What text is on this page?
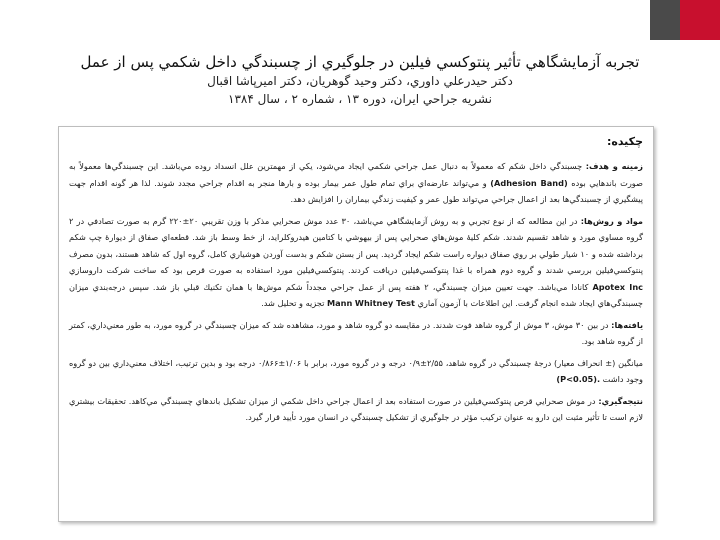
تجربه آزمايشگاهي تأثير پنتوكسي فيلين در جلوگيري از چسبندگي داخل شكمي پس از عمل

دكتر حيدرعلي داوري، دكتر وحيد گوهريان، دكتر اميرپاشا اقبال

نشريه جراحي ايران، دوره ۱۳ ، شماره ۲ ، سال ۱۳۸۴

چكيده:

زمينه و هدف: چسبندگي داخل شكم كه معمولاً به دنبال عمل جراحي شكمي ايجاد مي‌شود، يكي از مهمترين علل انسداد روده مي‌باشد. اين چسبندگي‌ها معمولاً به صورت باندهايي بوده (Adhesion Band) و مي‌تواند عارضه‌اي براي تمام طول عمر بيمار بوده و بارها منجر به اقدام جراحي مجدد شوند. لذا هر گونه اقدام جهت پيشگيري از چسبندگي‌ها بعد از اعمال جراحي مي‌تواند طول عمر و كيفيت زندگي بيماران را افزايش دهد.

مواد و روش‌ها: در اين مطالعه كه از نوع تجربي و به روش آزمايشگاهي مي‌باشد، ۳۰ عدد موش صحرايي مذكر با وزن تقريبي ۲۰±۲۲۰ گرم به صورت تصادفي در ۲ گروه مساوي مورد و شاهد تقسيم شدند. شكم كليهٔ موش‌هاي صحرايي پس از بيهوشي با كتامين هيدروكلرايد، از خط وسط باز شد. قطعه‌اي صفاق از ديوارهٔ چپ شكم برداشته شده و ۱۰ شيار طولي بر روي صفاق ديواره راست شكم ايجاد گرديد. پس از بستن شكم و بدست آوردن هوشياري كامل، گروه اول كه شاهد هستند، بدون مصرف پنتوكسي‌فيلين بررسي شدند و گروه دوم همراه با غذا پنتوكسي‌فيلين دريافت كردند. پنتوكسي‌فيلين مورد استفاده به صورت قرص بود كه ساخت شركت داروسازي Apotex Inc كانادا مي‌باشد. جهت تعيين ميزان چسبندگي، ۲ هفته پس از عمل جراحي مجدداً شكم موش‌ها با همان تكنيك قبلي باز شد. سپس درجه‌بندي ميزان چسبندگي‌هاي ايجاد شده انجام گرفت. اين اطلاعات با آزمون آماري Mann Whitney Test تجزيه و تحليل شد.

يافته‌ها: در بين ۳۰ موش، ۳ موش از گروه شاهد فوت شدند. در مقايسه دو گروه شاهد و مورد، مشاهده شد كه ميزان چسبندگي در گروه مورد، به طور معني‌داري، كمتر از گروه شاهد بود.

ميانگين (± انحراف معيار) درجهٔ چسبندگي در گروه شاهد، ۲/۵۵±۰/۹ درجه و در گروه مورد، برابر با ۱/۰۶±۰/۸۶۶ درجه بود و بدين ترتيب، اختلاف معني‌داري بين دو گروه وجود داشت (P<0.05).

نتيجه‌گيري: در موش صحرايي قرص پنتوكسي‌فيلين در صورت استفاده بعد از اعمال جراحي داخل شكمي از ميزان تشكيل باندهاي چسبندگي مي‌كاهد. تحقيقات بيشتري لازم است تا تأثير مثبت اين دارو به عنوان تركيب مؤثر در جلوگيري از تشكيل چسبندگي در انسان مورد تأييد قرار گيرد.
